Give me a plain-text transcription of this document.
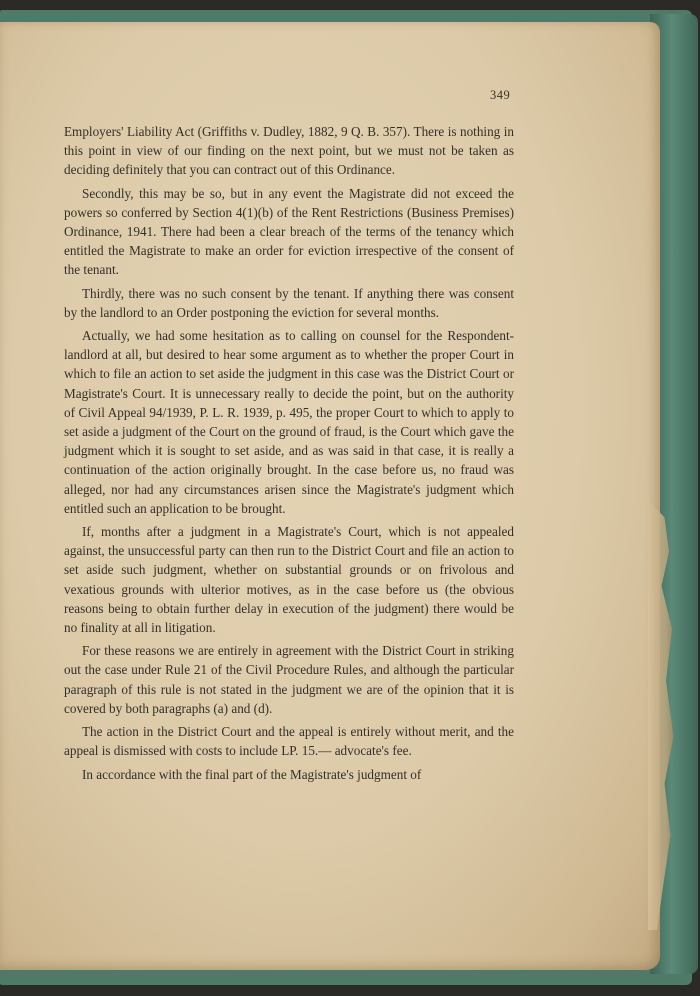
349

Employers' Liability Act (Griffiths v. Dudley, 1882, 9 Q. B. 357). There is nothing in this point in view of our finding on the next point, but we must not be taken as deciding definitely that you can contract out of this Ordinance.

Secondly, this may be so, but in any event the Magistrate did not exceed the powers so conferred by Section 4(1)(b) of the Rent Restrictions (Business Premises) Ordinance, 1941. There had been a clear breach of the terms of the tenancy which entitled the Magistrate to make an order for eviction irrespective of the consent of the tenant.

Thirdly, there was no such consent by the tenant. If anything there was consent by the landlord to an Order postponing the eviction for several months.

Actually, we had some hesitation as to calling on counsel for the Respondent-landlord at all, but desired to hear some argument as to whether the proper Court in which to file an action to set aside the judgment in this case was the District Court or Magistrate's Court. It is unnecessary really to decide the point, but on the authority of Civil Appeal 94/1939, P. L. R. 1939, p. 495, the proper Court to which to apply to set aside a judgment of the Court on the ground of fraud, is the Court which gave the judgment which it is sought to set aside, and as was said in that case, it is really a continuation of the action originally brought. In the case before us, no fraud was alleged, nor had any circumstances arisen since the Magistrate's judgment which entitled such an application to be brought.

If, months after a judgment in a Magistrate's Court, which is not appealed against, the unsuccessful party can then run to the District Court and file an action to set aside such judgment, whether on substantial grounds or on frivolous and vexatious grounds with ulterior motives, as in the case before us (the obvious reasons being to obtain further delay in execution of the judgment) there would be no finality at all in litigation.

For these reasons we are entirely in agreement with the District Court in striking out the case under Rule 21 of the Civil Procedure Rules, and although the particular paragraph of this rule is not stated in the judgment we are of the opinion that it is covered by both paragraphs (a) and (d).

The action in the District Court and the appeal is entirely without merit, and the appeal is dismissed with costs to include LP. 15.— advocate's fee.

In accordance with the final part of the Magistrate's judgment of
